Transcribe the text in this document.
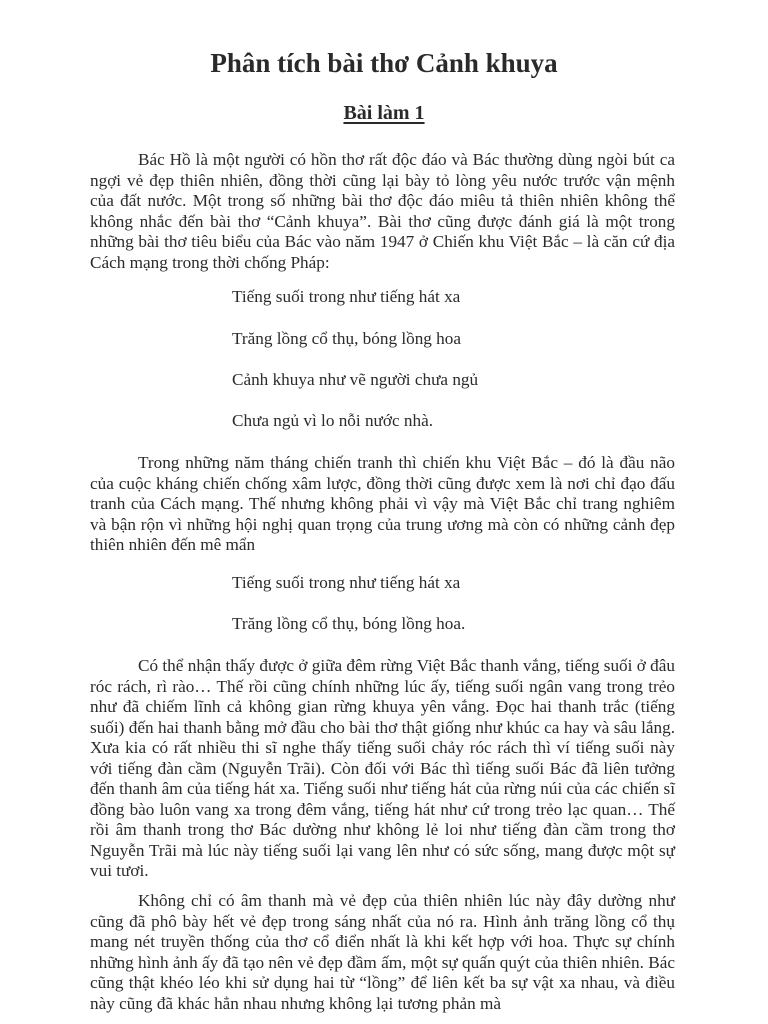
Phân tích bài thơ Cảnh khuya
Bài làm 1

Bác Hồ là một người có hồn thơ rất độc đáo và Bác thường dùng ngòi bút ca ngợi vẻ đẹp thiên nhiên, đồng thời cũng lại bày tỏ lòng yêu nước trước vận mệnh của đất nước. Một trong số những bài thơ độc đáo miêu tả thiên nhiên không thể không nhắc đến bài thơ “Cảnh khuya”. Bài thơ cũng được đánh giá là một trong những bài thơ tiêu biểu của Bác vào năm 1947 ở Chiến khu Việt Bắc – là căn cứ địa Cách mạng trong thời chống Pháp:

Tiếng suối trong như tiếng hát xa
Trăng lồng cổ thụ, bóng lồng hoa
Cảnh khuya như vẽ người chưa ngủ
Chưa ngủ vì lo nỗi nước nhà.

Trong những năm tháng chiến tranh thì chiến khu Việt Bắc – đó là đầu não của cuộc kháng chiến chống xâm lược, đồng thời cũng được xem là nơi chỉ đạo đấu tranh của Cách mạng. Thế nhưng không phải vì vậy mà Việt Bắc chỉ trang nghiêm và bận rộn vì những hội nghị quan trọng của trung ương mà còn có những cảnh đẹp thiên nhiên đến mê mẩn

Tiếng suối trong như tiếng hát xa
Trăng lồng cổ thụ, bóng lồng hoa.

Có thể nhận thấy được ở giữa đêm rừng Việt Bắc thanh vắng, tiếng suối ở đâu róc rách, rì rào… Thế rồi cũng chính những lúc ấy, tiếng suối ngân vang trong trẻo như đã chiếm lĩnh cả không gian rừng khuya yên vắng. Đọc hai thanh trắc (tiếng suối) đến hai thanh bằng mở đầu cho bài thơ thật giống như khúc ca hay và sâu lắng. Xưa kia có rất nhiều thi sĩ nghe thấy tiếng suối chảy róc rách thì ví tiếng suối này với tiếng đàn cầm (Nguyễn Trãi). Còn đối với Bác thì tiếng suối Bác đã liên tưởng đến thanh âm của tiếng hát xa. Tiếng suối như tiếng hát của rừng núi của các chiến sĩ đồng bào luôn vang xa trong đêm vắng, tiếng hát như cứ trong trẻo lạc quan… Thế rồi âm thanh trong thơ Bác dường như không lẻ loi như tiếng đàn cầm trong thơ Nguyễn Trãi mà lúc này tiếng suối lại vang lên như có sức sống, mang được một sự vui tươi.

Không chỉ có âm thanh mà vẻ đẹp của thiên nhiên lúc này đây dường như cũng đã phô bày hết vẻ đẹp trong sáng nhất của nó ra. Hình ảnh trăng lồng cổ thụ mang nét truyền thống của thơ cổ điển nhất là khi kết hợp với hoa. Thực sự chính những hình ảnh ấy đã tạo nên vẻ đẹp đầm ấm, một sự quấn quýt của thiên nhiên. Bác cũng thật khéo léo khi sử dụng hai từ “lồng” để liên kết ba sự vật xa nhau, và điều này cũng đã khác hẳn nhau nhưng không lại tương phản mà
